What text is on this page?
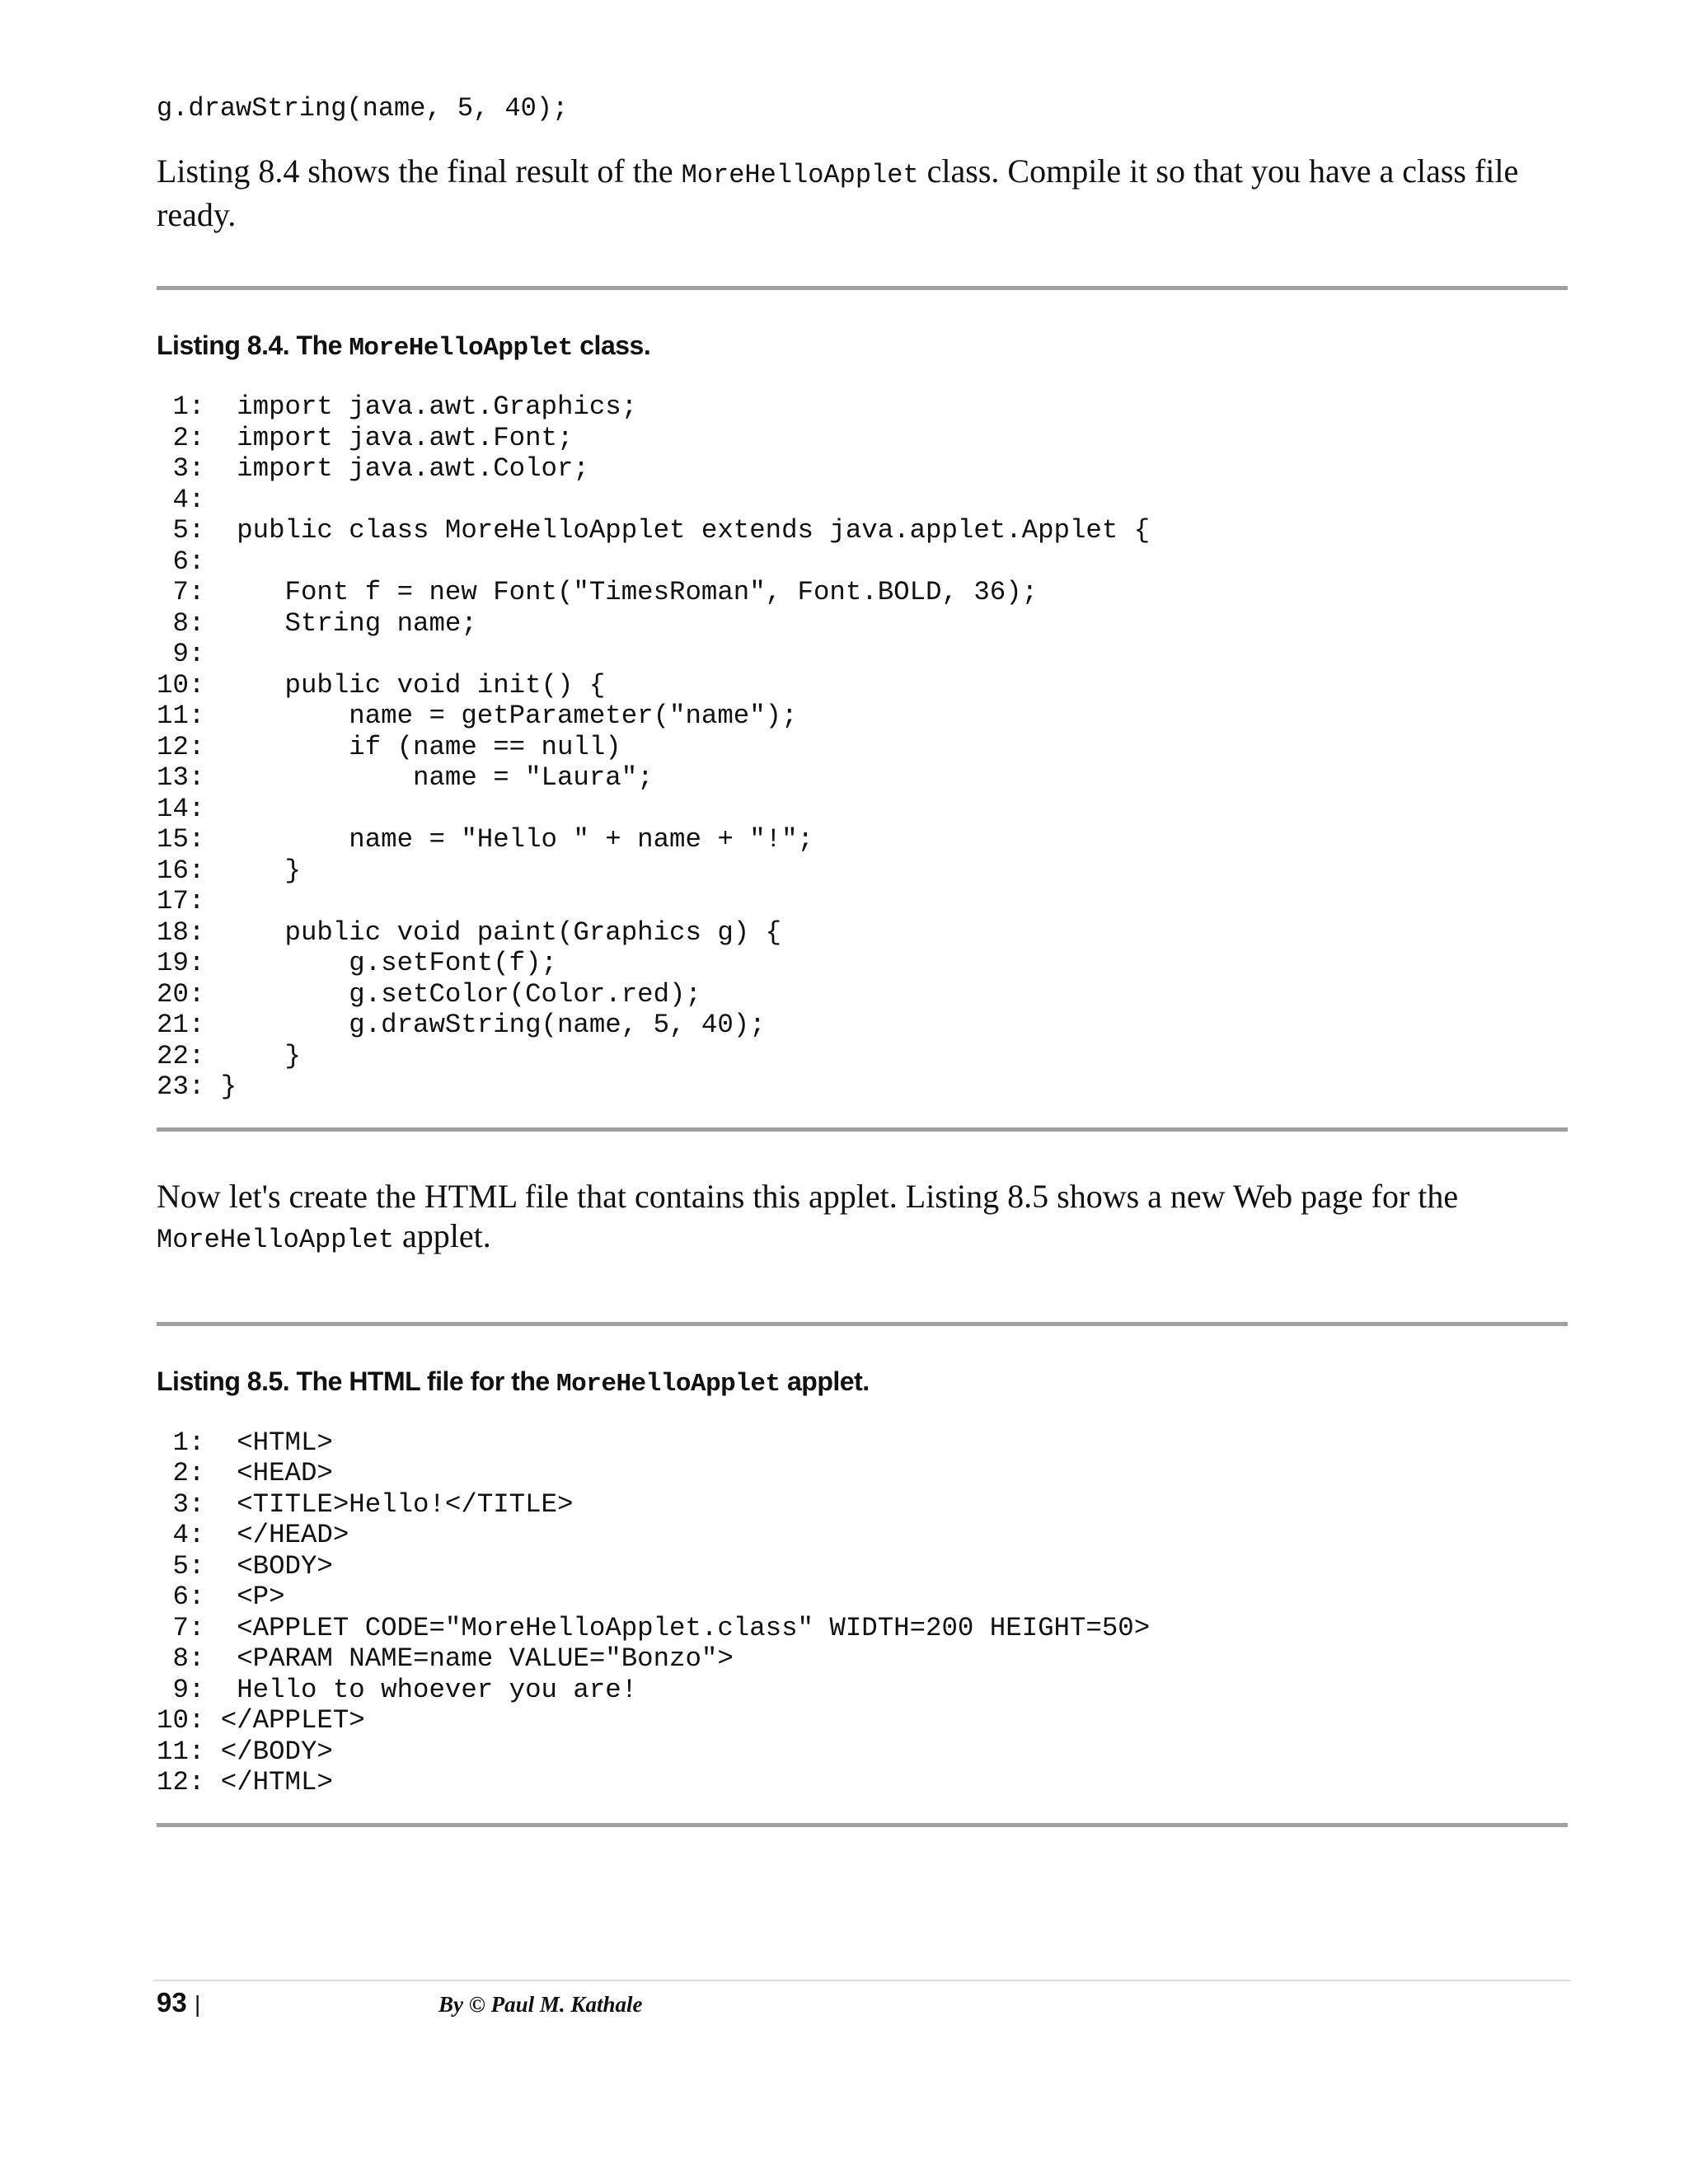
g.drawString(name, 5, 40);

Listing 8.4 shows the final result of the MoreHelloApplet class. Compile it so that you have a class file ready.

Listing 8.4. The MoreHelloApplet class.

1:  import java.awt.Graphics;
2:  import java.awt.Font;
3:  import java.awt.Color;
4:
5:  public class MoreHelloApplet extends java.applet.Applet {
6:
7:     Font f = new Font("TimesRoman", Font.BOLD, 36);
8:     String name;
9:
10:     public void init() {
11:         name = getParameter("name");
12:         if (name == null)
13:             name = "Laura";
14:
15:         name = "Hello " + name + "!";
16:     }
17:
18:     public void paint(Graphics g) {
19:         g.setFont(f);
20:         g.setColor(Color.red);
21:         g.drawString(name, 5, 40);
22:     }
23: }

Now let's create the HTML file that contains this applet. Listing 8.5 shows a new Web page for the MoreHelloApplet applet.

Listing 8.5. The HTML file for the MoreHelloApplet applet.

1:  <HTML>
2:  <HEAD>
3:  <TITLE>Hello!</TITLE>
4:  </HEAD>
5:  <BODY>
6:  <P>
7:  <APPLET CODE="MoreHelloApplet.class" WIDTH=200 HEIGHT=50>
8:  <PARAM NAME=name VALUE="Bonzo">
9:  Hello to whoever you are!
10: </APPLET>
11: </BODY>
12: </HTML>
93 |	By © Paul M. Kathale
